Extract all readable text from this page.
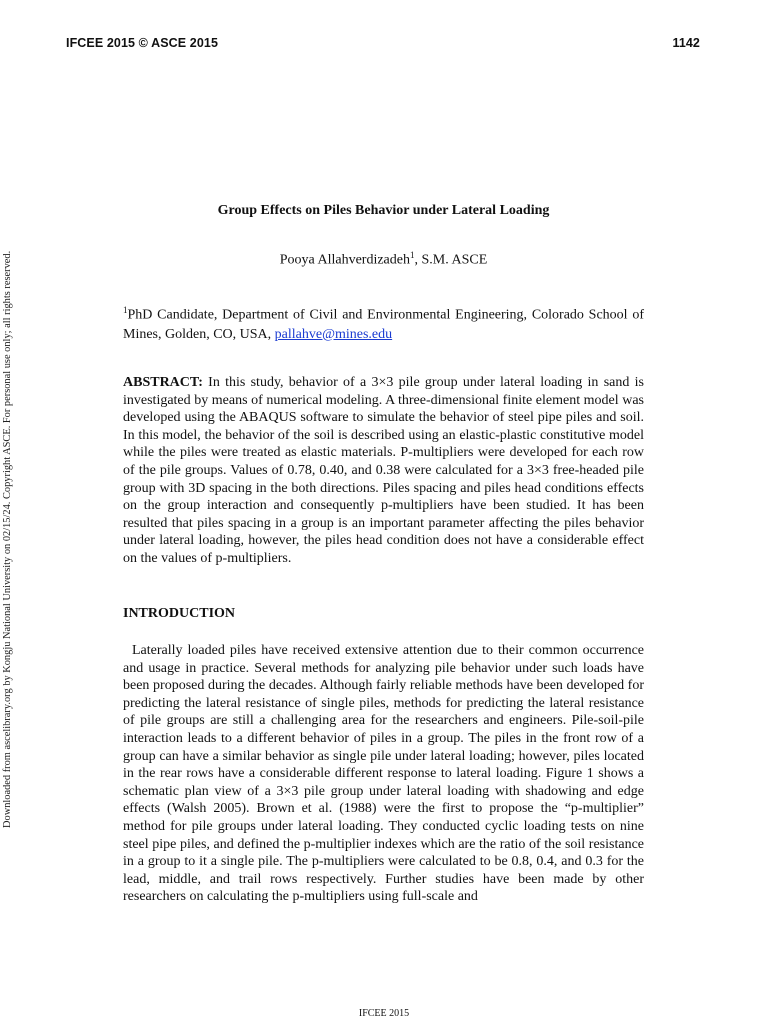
IFCEE 2015 © ASCE 2015	1142
Downloaded from ascelibrary.org by Kongju National University on 02/15/24. Copyright ASCE. For personal use only; all rights reserved.
Group Effects on Piles Behavior under Lateral Loading
Pooya Allahverdizadeh$^1$, S.M. ASCE
$^1$PhD Candidate, Department of Civil and Environmental Engineering, Colorado School of Mines, Golden, CO, USA, pallahve@mines.edu
ABSTRACT: In this study, behavior of a 3×3 pile group under lateral loading in sand is investigated by means of numerical modeling. A three-dimensional finite element model was developed using the ABAQUS software to simulate the behavior of steel pipe piles and soil. In this model, the behavior of the soil is described using an elastic-plastic constitutive model while the piles were treated as elastic materials. P-multipliers were developed for each row of the pile groups. Values of 0.78, 0.40, and 0.38 were calculated for a 3×3 free-headed pile group with 3D spacing in the both directions. Piles spacing and piles head conditions effects on the group interaction and consequently p-multipliers have been studied. It has been resulted that piles spacing in a group is an important parameter affecting the piles behavior under lateral loading, however, the piles head condition does not have a considerable effect on the values of p-multipliers.
INTRODUCTION
Laterally loaded piles have received extensive attention due to their common occurrence and usage in practice. Several methods for analyzing pile behavior under such loads have been proposed during the decades. Although fairly reliable methods have been developed for predicting the lateral resistance of single piles, methods for predicting the lateral resistance of pile groups are still a challenging area for the researchers and engineers. Pile-soil-pile interaction leads to a different behavior of piles in a group. The piles in the front row of a group can have a similar behavior as single pile under lateral loading; however, piles located in the rear rows have a considerable different response to lateral loading. Figure 1 shows a schematic plan view of a 3×3 pile group under lateral loading with shadowing and edge effects (Walsh 2005). Brown et al. (1988) were the first to propose the “p-multiplier” method for pile groups under lateral loading. They conducted cyclic loading tests on nine steel pipe piles, and defined the p-multiplier indexes which are the ratio of the soil resistance in a group to it a single pile. The p-multipliers were calculated to be 0.8, 0.4, and 0.3 for the lead, middle, and trail rows respectively. Further studies have been made by other researchers on calculating the p-multipliers using full-scale and
IFCEE 2015
